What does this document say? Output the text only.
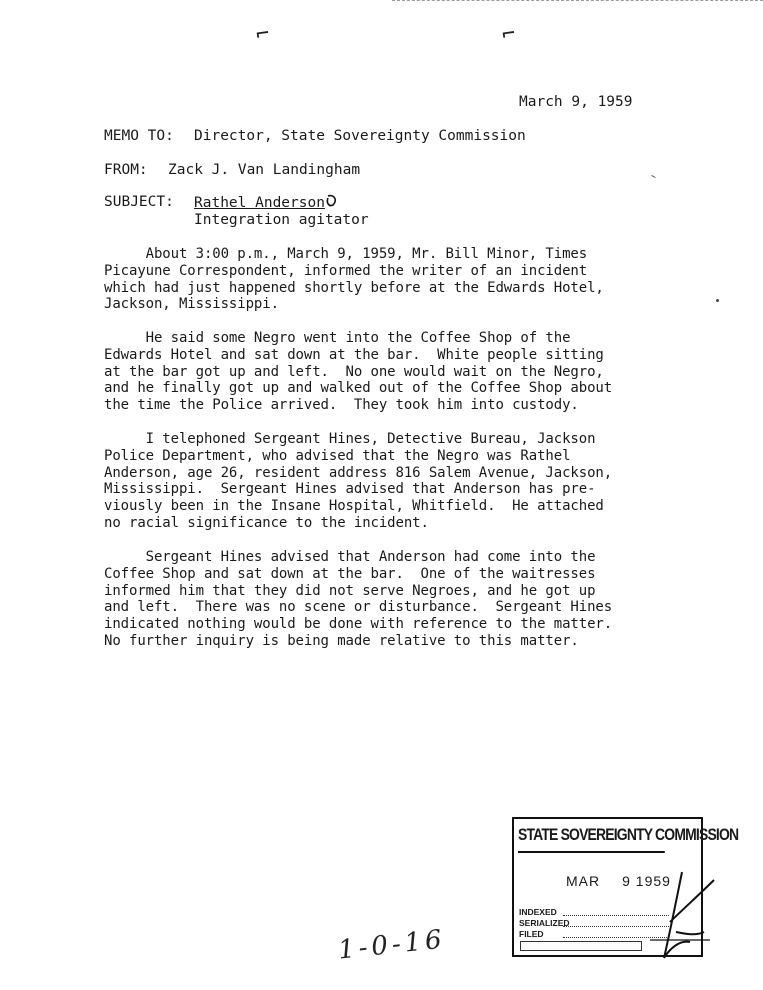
⌐	⌐
March 9, 1959
MEMO TO: Director, State Sovereignty Commission
FROM: Zack J. Van Landingham
SUBJECT: Rathel Anderson
Integration agitator
About 3:00 p.m., March 9, 1959, Mr. Bill Minor, Times
Picayune Correspondent, informed the writer of an incident
which had just happened shortly before at the Edwards Hotel,
Jackson, Mississippi.
He said some Negro went into the Coffee Shop of the
Edwards Hotel and sat down at the bar.  White people sitting
at the bar got up and left.  No one would wait on the Negro,
and he finally got up and walked out of the Coffee Shop about
the time the Police arrived.  They took him into custody.
I telephoned Sergeant Hines, Detective Bureau, Jackson
Police Department, who advised that the Negro was Rathel
Anderson, age 26, resident address 816 Salem Avenue, Jackson,
Mississippi.  Sergeant Hines advised that Anderson has pre-
viously been in the Insane Hospital, Whitfield.  He attached
no racial significance to the incident.
Sergeant Hines advised that Anderson had come into the
Coffee Shop and sat down at the bar.  One of the waitresses
informed him that they did not serve Negroes, and he got up
and left.  There was no scene or disturbance.  Sergeant Hines
indicated nothing would be done with reference to the matter.
No further inquiry is being made relative to this matter.
STATE SOVEREIGNTY COMMISSION
MAR 9 1959
INDEXED
SERIALIZED
FILED
1-0-16
